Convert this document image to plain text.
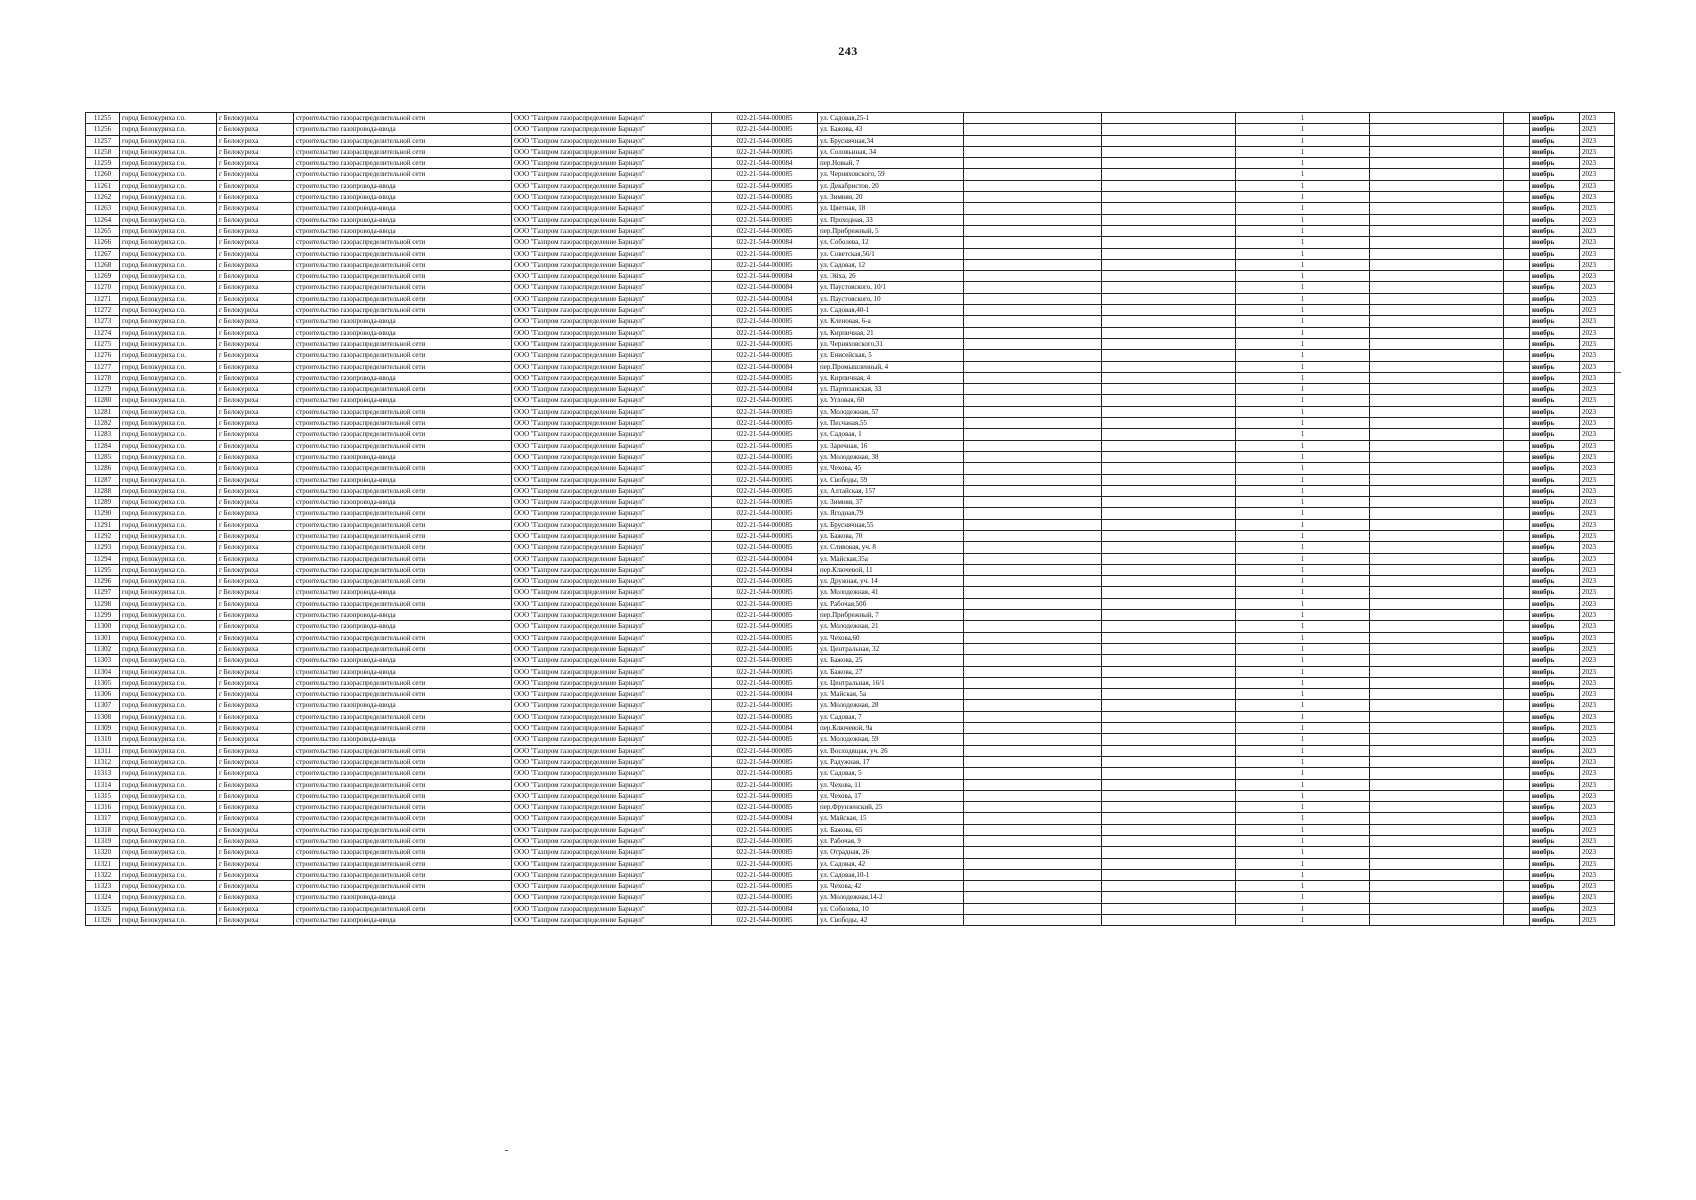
243
11255	город Белокуриха г.о.	г Белокуриха	строительство газораспределительной сети	ООО "Газпром газораспределение Барнаул"	022-21-544-000085	ул. Садовая,25-1			1			ноябрь	2023
11256	город Белокуриха г.о.	г Белокуриха	строительство газопровода-ввода	ООО "Газпром газораспределение Барнаул"	022-21-544-000085	ул. Бажова, 43			1			ноябрь	2023
11257	город Белокуриха г.о.	г Белокуриха	строительство газораспределительной сети	ООО "Газпром газораспределение Барнаул"	022-21-544-000085	ул. Бруснячная,34			1			ноябрь	2023
11258	город Белокуриха г.о.	г Белокуриха	строительство газораспределительной сети	ООО "Газпром газораспределение Барнаул"	022-21-544-000085	ул. Соловьиная, 34			1			ноябрь	2023
11259	город Белокуриха г.о.	г Белокуриха	строительство газораспределительной сети	ООО "Газпром газораспределение Барнаул"	022-21-544-000084	пер.Новый, 7			1			ноябрь	2023
11260	город Белокуриха г.о.	г Белокуриха	строительство газораспределительной сети	ООО "Газпром газораспределение Барнаул"	022-21-544-000085	ул. Черняховского, 59			1			ноябрь	2023
11261	город Белокуриха г.о.	г Белокуриха	строительство газопровода-ввода	ООО "Газпром газораспределение Барнаул"	022-21-544-000085	ул. Декабристов, 20			1			ноябрь	2023
11262	город Белокуриха г.о.	г Белокуриха	строительство газопровода-ввода	ООО "Газпром газораспределение Барнаул"	022-21-544-000085	ул. Зимняя, 20			1			ноябрь	2023
11263	город Белокуриха г.о.	г Белокуриха	строительство газопровода-ввода	ООО "Газпром газораспределение Барнаул"	022-21-544-000085	ул. Цветная, 18			1			ноябрь	2023
11264	город Белокуриха г.о.	г Белокуриха	строительство газопровода-ввода	ООО "Газпром газораспределение Барнаул"	022-21-544-000085	ул. Проходная, 33			1			ноябрь	2023
11265	город Белокуриха г.о.	г Белокуриха	строительство газопровода-ввода	ООО "Газпром газораспределение Барнаул"	022-21-544-000085	пер.Прибрежный, 5			1			ноябрь	2023
11266	город Белокуриха г.о.	г Белокуриха	строительство газораспределительной сети	ООО "Газпром газораспределение Барнаул"	022-21-544-000084	ул. Соболева, 12			1			ноябрь	2023
11267	город Белокуриха г.о.	г Белокуриха	строительство газораспределительной сети	ООО "Газпром газораспределение Барнаул"	022-21-544-000085	ул. Советская,56/1			1			ноябрь	2023
11268	город Белокуриха г.о.	г Белокуриха	строительство газораспределительной сети	ООО "Газпром газораспределение Барнаул"	022-21-544-000085	ул. Садовая, 12			1			ноябрь	2023
11269	город Белокуриха г.о.	г Белокуриха	строительство газораспределительной сети	ООО "Газпром газораспределение Барнаул"	022-21-544-000084	ул. Эйха, 26			1			ноябрь	2023
11270	город Белокуриха г.о.	г Белокуриха	строительство газораспределительной сети	ООО "Газпром газораспределение Барнаул"	022-21-544-000084	ул. Паустовского, 10/1			1			ноябрь	2023
11271	город Белокуриха г.о.	г Белокуриха	строительство газораспределительной сети	ООО "Газпром газораспределение Барнаул"	022-21-544-000084	ул. Паустовского, 10			1			ноябрь	2023
11272	город Белокуриха г.о.	г Белокуриха	строительство газораспределительной сети	ООО "Газпром газораспределение Барнаул"	022-21-544-000085	ул. Садовая,40-1			1			ноябрь	2023
11273	город Белокуриха г.о.	г Белокуриха	строительство газопровода-ввода	ООО "Газпром газораспределение Барнаул"	022-21-544-000085	ул. Кленовая, 6-а			1			ноябрь	2023
11274	город Белокуриха г.о.	г Белокуриха	строительство газопровода-ввода	ООО "Газпром газораспределение Барнаул"	022-21-544-000085	ул. Кирпичная, 21			1			ноябрь	2023
11275	город Белокуриха г.о.	г Белокуриха	строительство газораспределительной сети	ООО "Газпром газораспределение Барнаул"	022-21-544-000085	ул. Черняховского,31			1			ноябрь	2023
11276	город Белокуриха г.о.	г Белокуриха	строительство газораспределительной сети	ООО "Газпром газораспределение Барнаул"	022-21-544-000085	ул. Енисейская, 5			1			ноябрь	2023
11277	город Белокуриха г.о.	г Белокуриха	строительство газораспределительной сети	ООО "Газпром газораспределение Барнаул"	022-21-544-000084	пер.Промышленный, 4			1			ноябрь	2023
11278	город Белокуриха г.о.	г Белокуриха	строительство газопровода-ввода	ООО "Газпром газораспределение Барнаул"	022-21-544-000085	ул. Кирпичная, 4			1			ноябрь	2023
11279	город Белокуриха г.о.	г Белокуриха	строительство газораспределительной сети	ООО "Газпром газораспределение Барнаул"	022-21-544-000084	ул. Партизанская, 33			1			ноябрь	2023
11280	город Белокуриха г.о.	г Белокуриха	строительство газопровода-ввода	ООО "Газпром газораспределение Барнаул"	022-21-544-000085	ул. Угловая, 60			1			ноябрь	2023
11281	город Белокуриха г.о.	г Белокуриха	строительство газораспределительной сети	ООО "Газпром газораспределение Барнаул"	022-21-544-000085	ул. Молодежная, 57			1			ноябрь	2023
11282	город Белокуриха г.о.	г Белокуриха	строительство газораспределительной сети	ООО "Газпром газораспределение Барнаул"	022-21-544-000085	ул. Песчаная,55			1			ноябрь	2023
11283	город Белокуриха г.о.	г Белокуриха	строительство газораспределительной сети	ООО "Газпром газораспределение Барнаул"	022-21-544-000085	ул. Садовая, 1			1			ноябрь	2023
11284	город Белокуриха г.о.	г Белокуриха	строительство газораспределительной сети	ООО "Газпром газораспределение Барнаул"	022-21-544-000085	ул. Заречная, 16			1			ноябрь	2023
11285	город Белокуриха г.о.	г Белокуриха	строительство газопровода-ввода	ООО "Газпром газораспределение Барнаул"	022-21-544-000085	ул. Молодежная, 38			1			ноябрь	2023
11286	город Белокуриха г.о.	г Белокуриха	строительство газораспределительной сети	ООО "Газпром газораспределение Барнаул"	022-21-544-000085	ул. Чехова, 45			1			ноябрь	2023
11287	город Белокуриха г.о.	г Белокуриха	строительство газопровода-ввода	ООО "Газпром газораспределение Барнаул"	022-21-544-000085	ул. Свободы, 59			1			ноябрь	2023
11288	город Белокуриха г.о.	г Белокуриха	строительство газораспределительной сети	ООО "Газпром газораспределение Барнаул"	022-21-544-000085	ул. Алтайская, 157			1			ноябрь	2023
11289	город Белокуриха г.о.	г Белокуриха	строительство газопровода-ввода	ООО "Газпром газораспределение Барнаул"	022-21-544-000085	ул. Зимняя, 37			1			ноябрь	2023
11290	город Белокуриха г.о.	г Белокуриха	строительство газораспределительной сети	ООО "Газпром газораспределение Барнаул"	022-21-544-000085	ул. Ягодная,79			1			ноябрь	2023
11291	город Белокуриха г.о.	г Белокуриха	строительство газораспределительной сети	ООО "Газпром газораспределение Барнаул"	022-21-544-000085	ул. Бруснячная,55			1			ноябрь	2023
11292	город Белокуриха г.о.	г Белокуриха	строительство газораспределительной сети	ООО "Газпром газораспределение Барнаул"	022-21-544-000085	ул. Бажова, 70			1			ноябрь	2023
11293	город Белокуриха г.о.	г Белокуриха	строительство газораспределительной сети	ООО "Газпром газораспределение Барнаул"	022-21-544-000085	ул. Сливовая, уч. 8			1			ноябрь	2023
11294	город Белокуриха г.о.	г Белокуриха	строительство газораспределительной сети	ООО "Газпром газораспределение Барнаул"	022-21-544-000084	ул. Майская,35а			1			ноябрь	2023
11295	город Белокуриха г.о.	г Белокуриха	строительство газораспределительной сети	ООО "Газпром газораспределение Барнаул"	022-21-544-000084	пер.Ключевой, 11			1			ноябрь	2023
11296	город Белокуриха г.о.	г Белокуриха	строительство газораспределительной сети	ООО "Газпром газораспределение Барнаул"	022-21-544-000085	ул. Дружная, уч. 14			1			ноябрь	2023
11297	город Белокуриха г.о.	г Белокуриха	строительство газопровода-ввода	ООО "Газпром газораспределение Барнаул"	022-21-544-000085	ул. Молодежная, 41			1			ноябрь	2023
11298	город Белокуриха г.о.	г Белокуриха	строительство газораспределительной сети	ООО "Газпром газораспределение Барнаул"	022-21-544-000085	ул. Рабочая,50б			1			ноябрь	2023
11299	город Белокуриха г.о.	г Белокуриха	строительство газопровода-ввода	ООО "Газпром газораспределение Барнаул"	022-21-544-000085	пер.Прибрежный, 7			1			ноябрь	2023
11300	город Белокуриха г.о.	г Белокуриха	строительство газопровода-ввода	ООО "Газпром газораспределение Барнаул"	022-21-544-000085	ул. Молодежная, 21			1			ноябрь	2023
11301	город Белокуриха г.о.	г Белокуриха	строительство газораспределительной сети	ООО "Газпром газораспределение Барнаул"	022-21-544-000085	ул. Чехова,60			1			ноябрь	2023
11302	город Белокуриха г.о.	г Белокуриха	строительство газораспределительной сети	ООО "Газпром газораспределение Барнаул"	022-21-544-000085	ул. Центральная, 32			1			ноябрь	2023
11303	город Белокуриха г.о.	г Белокуриха	строительство газопровода-ввода	ООО "Газпром газораспределение Барнаул"	022-21-544-000085	ул. Бажова, 25			1			ноябрь	2023
11304	город Белокуриха г.о.	г Белокуриха	строительство газопровода-ввода	ООО "Газпром газораспределение Барнаул"	022-21-544-000085	ул. Бажова, 27			1			ноябрь	2023
11305	город Белокуриха г.о.	г Белокуриха	строительство газораспределительной сети	ООО "Газпром газораспределение Барнаул"	022-21-544-000085	ул. Центральная, 16/1			1			ноябрь	2023
11306	город Белокуриха г.о.	г Белокуриха	строительство газораспределительной сети	ООО "Газпром газораспределение Барнаул"	022-21-544-000084	ул. Майская, 5а			1			ноябрь	2023
11307	город Белокуриха г.о.	г Белокуриха	строительство газопровода-ввода	ООО "Газпром газораспределение Барнаул"	022-21-544-000085	ул. Молодежная, 28			1			ноябрь	2023
11308	город Белокуриха г.о.	г Белокуриха	строительство газораспределительной сети	ООО "Газпром газораспределение Барнаул"	022-21-544-000085	ул. Садовая, 7			1			ноябрь	2023
11309	город Белокуриха г.о.	г Белокуриха	строительство газораспределительной сети	ООО "Газпром газораспределение Барнаул"	022-21-544-000084	пер.Ключевой, 9а			1			ноябрь	2023
11310	город Белокуриха г.о.	г Белокуриха	строительство газопровода-ввода	ООО "Газпром газораспределение Барнаул"	022-21-544-000085	ул. Молодежная, 59			1			ноябрь	2023
11311	город Белокуриха г.о.	г Белокуриха	строительство газораспределительной сети	ООО "Газпром газораспределение Барнаул"	022-21-544-000085	ул. Восходящая, уч. 26			1			ноябрь	2023
11312	город Белокуриха г.о.	г Белокуриха	строительство газораспределительной сети	ООО "Газпром газораспределение Барнаул"	022-21-544-000085	ул. Радужная, 17			1			ноябрь	2023
11313	город Белокуриха г.о.	г Белокуриха	строительство газораспределительной сети	ООО "Газпром газораспределение Барнаул"	022-21-544-000085	ул. Садовая, 5			1			ноябрь	2023
11314	город Белокуриха г.о.	г Белокуриха	строительство газораспределительной сети	ООО "Газпром газораспределение Барнаул"	022-21-544-000085	ул. Чехова, 11			1			ноябрь	2023
11315	город Белокуриха г.о.	г Белокуриха	строительство газораспределительной сети	ООО "Газпром газораспределение Барнаул"	022-21-544-000085	ул. Чехова, 17			1			ноябрь	2023
11316	город Белокуриха г.о.	г Белокуриха	строительство газораспределительной сети	ООО "Газпром газораспределение Барнаул"	022-21-544-000085	пер.Фрунзенский, 25			1			ноябрь	2023
11317	город Белокуриха г.о.	г Белокуриха	строительство газораспределительной сети	ООО "Газпром газораспределение Барнаул"	022-21-544-000084	ул. Майская, 15			1			ноябрь	2023
11318	город Белокуриха г.о.	г Белокуриха	строительство газораспределительной сети	ООО "Газпром газораспределение Барнаул"	022-21-544-000085	ул. Бажова, 65			1			ноябрь	2023
11319	город Белокуриха г.о.	г Белокуриха	строительство газораспределительной сети	ООО "Газпром газораспределение Барнаул"	022-21-544-000085	ул. Рабочая, 9			1			ноябрь	2023
11320	город Белокуриха г.о.	г Белокуриха	строительство газораспределительной сети	ООО "Газпром газораспределение Барнаул"	022-21-544-000085	ул. Отрадная, 26			1			ноябрь	2023
11321	город Белокуриха г.о.	г Белокуриха	строительство газораспределительной сети	ООО "Газпром газораспределение Барнаул"	022-21-544-000085	ул. Садовая, 42			1			ноябрь	2023
11322	город Белокуриха г.о.	г Белокуриха	строительство газораспределительной сети	ООО "Газпром газораспределение Барнаул"	022-21-544-000085	ул. Садовая,10-1			1			ноябрь	2023
11323	город Белокуриха г.о.	г Белокуриха	строительство газораспределительной сети	ООО "Газпром газораспределение Барнаул"	022-21-544-000085	ул. Чехова, 42			1			ноябрь	2023
11324	город Белокуриха г.о.	г Белокуриха	строительство газопровода-ввода	ООО "Газпром газораспределение Барнаул"	022-21-544-000085	ул. Молодежная,14-2			1			ноябрь	2023
11325	город Белокуриха г.о.	г Белокуриха	строительство газораспределительной сети	ООО "Газпром газораспределение Барнаул"	022-21-544-000084	ул. Соболева, 10			1			ноябрь	2023
11326	город Белокуриха г.о.	г Белокуриха	строительство газопровода-ввода	ООО "Газпром газораспределение Барнаул"	022-21-544-000085	ул. Свободы, 42			1			ноябрь	2023
